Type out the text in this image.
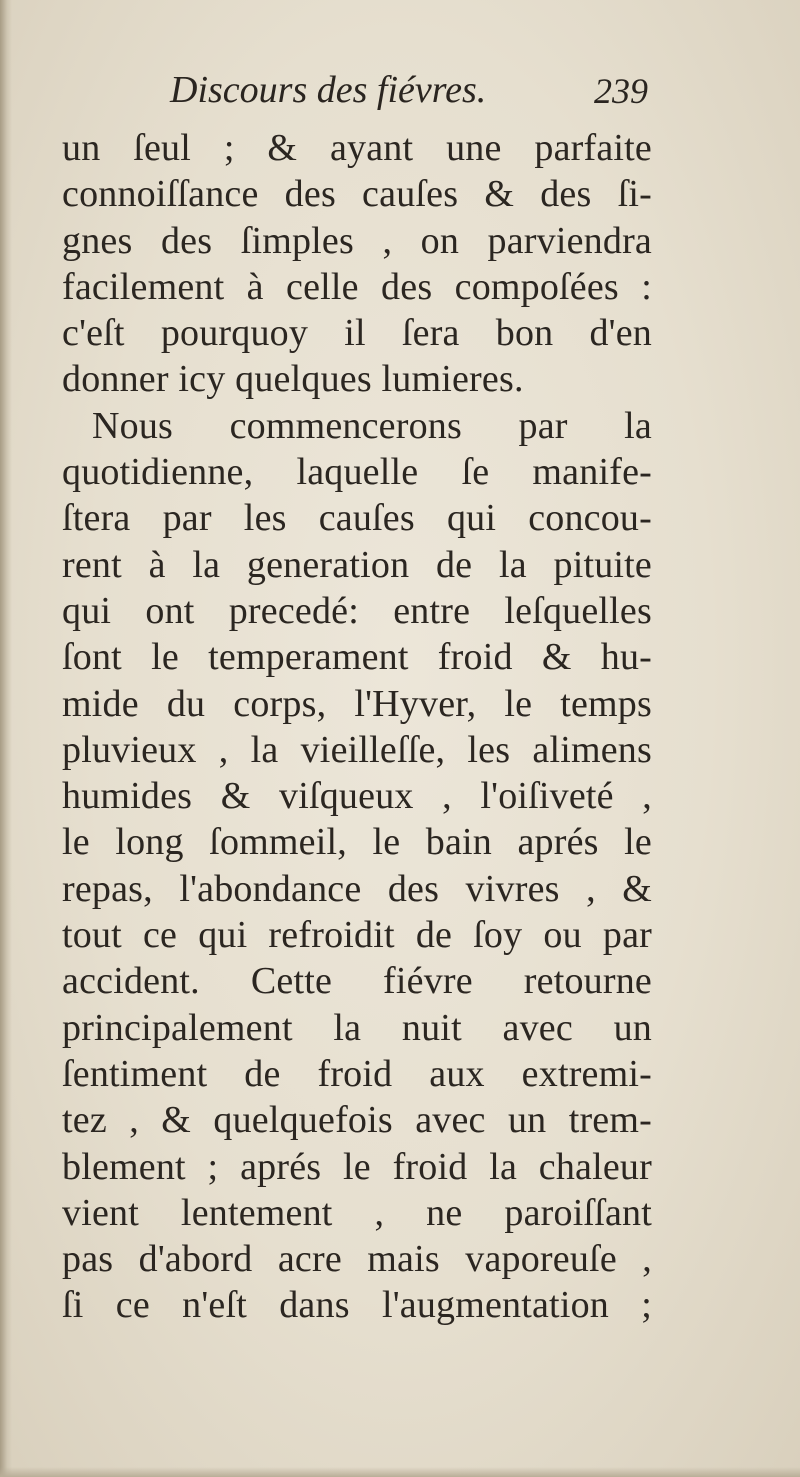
Discours des fiévres.	239
un ſeul ; & ayant une parfaite
connoiſſance des cauſes & des ſi-
gnes des ſimples , on parviendra
facilement à celle des compoſées :
c'eſt pourquoy il ſera bon d'en
donner icy quelques lumieres.
Nous commencerons par la
quotidienne, laquelle ſe manife-
ſtera par les cauſes qui concou-
rent à la generation de la pituite
qui ont precedé: entre leſquelles
ſont le temperament froid & hu-
mide du corps, l'Hyver, le temps
pluvieux , la vieilleſſe, les alimens
humides & viſqueux , l'oiſiveté ,
le long ſommeil, le bain aprés le
repas, l'abondance des vivres , &
tout ce qui refroidit de ſoy ou par
accident. Cette fiévre retourne
principalement la nuit avec un
ſentiment de froid aux extremi-
tez , & quelquefois avec un trem-
blement ; aprés le froid la chaleur
vient lentement , ne paroiſſant
pas d'abord acre mais vaporeuſe ,
ſi ce n'eſt dans l'augmentation ;
